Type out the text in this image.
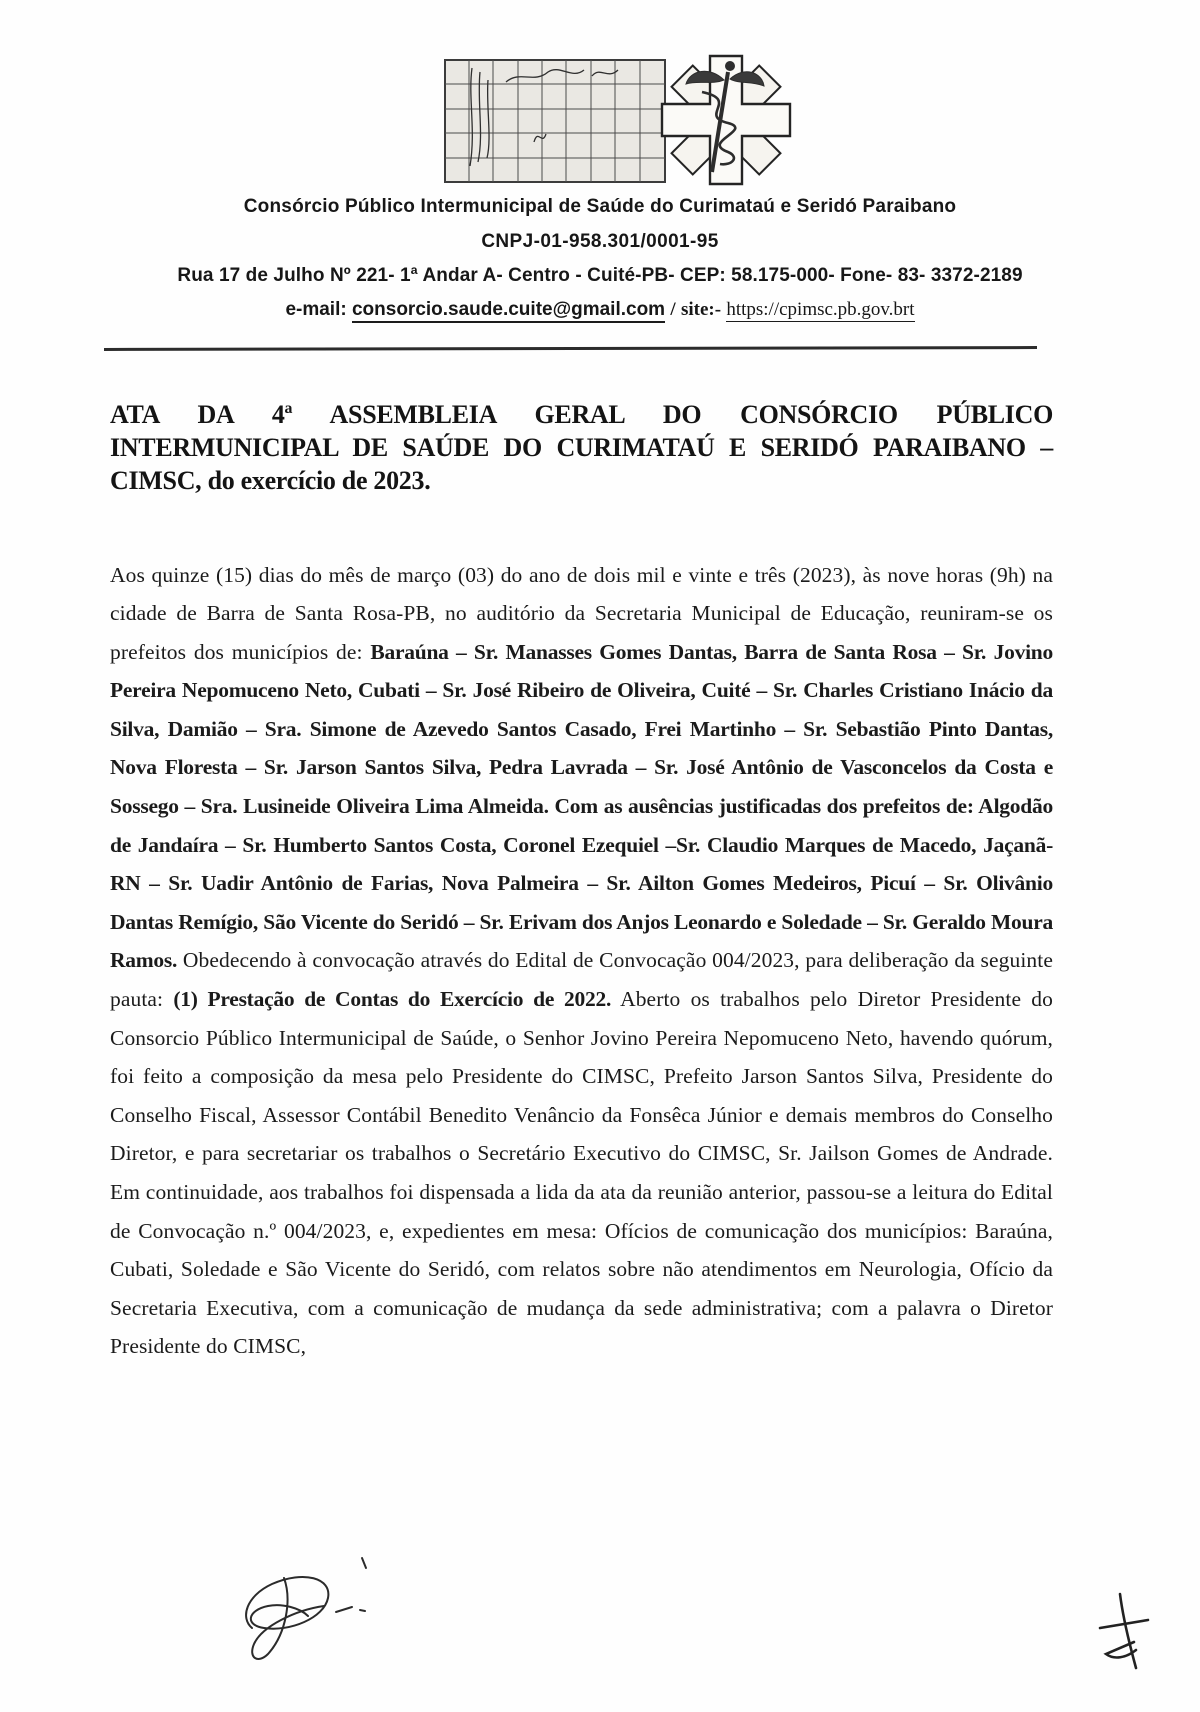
Consórcio Público Intermunicipal de Saúde do Curimataú e Seridó Paraibano
CNPJ-01-958.301/0001-95
Rua 17 de Julho Nº 221- 1ª Andar A- Centro - Cuité-PB- CEP: 58.175-000- Fone- 83- 3372-2189
e-mail: consorcio.saude.cuite@gmail.com / site:- https://cpimsc.pb.gov.brt

ATA DA 4ª ASSEMBLEIA GERAL DO CONSÓRCIO PÚBLICO INTERMUNICIPAL DE SAÚDE DO CURIMATAÚ E SERIDÓ PARAIBANO – CIMSC, do exercício de 2023.

Aos quinze (15) dias do mês de março (03) do ano de dois mil e vinte e três (2023), às nove horas (9h) na cidade de Barra de Santa Rosa-PB, no auditório da Secretaria Municipal de Educação, reuniram-se os prefeitos dos municípios de: Baraúna – Sr. Manasses Gomes Dantas, Barra de Santa Rosa – Sr. Jovino Pereira Nepomuceno Neto, Cubati – Sr. José Ribeiro de Oliveira, Cuité – Sr. Charles Cristiano Inácio da Silva, Damião – Sra. Simone de Azevedo Santos Casado, Frei Martinho – Sr. Sebastião Pinto Dantas, Nova Floresta – Sr. Jarson Santos Silva, Pedra Lavrada – Sr. José Antônio de Vasconcelos da Costa e Sossego – Sra. Lusineide Oliveira Lima Almeida. Com as ausências justificadas dos prefeitos de: Algodão de Jandaíra – Sr. Humberto Santos Costa, Coronel Ezequiel –Sr. Claudio Marques de Macedo, Jaçanã-RN – Sr. Uadir Antônio de Farias, Nova Palmeira – Sr. Ailton Gomes Medeiros, Picuí – Sr. Olivânio Dantas Remígio, São Vicente do Seridó – Sr. Erivam dos Anjos Leonardo e Soledade – Sr. Geraldo Moura Ramos. Obedecendo à convocação através do Edital de Convocação 004/2023, para deliberação da seguinte pauta: (1) Prestação de Contas do Exercício de 2022. Aberto os trabalhos pelo Diretor Presidente do Consorcio Público Intermunicipal de Saúde, o Senhor Jovino Pereira Nepomuceno Neto, havendo quórum, foi feito a composição da mesa pelo Presidente do CIMSC, Prefeito Jarson Santos Silva, Presidente do Conselho Fiscal, Assessor Contábil Benedito Venâncio da Fonsêca Júnior e demais membros do Conselho Diretor, e para secretariar os trabalhos o Secretário Executivo do CIMSC, Sr. Jailson Gomes de Andrade. Em continuidade, aos trabalhos foi dispensada a lida da ata da reunião anterior, passou-se a leitura do Edital de Convocação n.º 004/2023, e, expedientes em mesa: Ofícios de comunicação dos municípios: Baraúna, Cubati, Soledade e São Vicente do Seridó, com relatos sobre não atendimentos em Neurologia, Ofício da Secretaria Executiva, com a comunicação de mudança da sede administrativa; com a palavra o Diretor Presidente do CIMSC,
